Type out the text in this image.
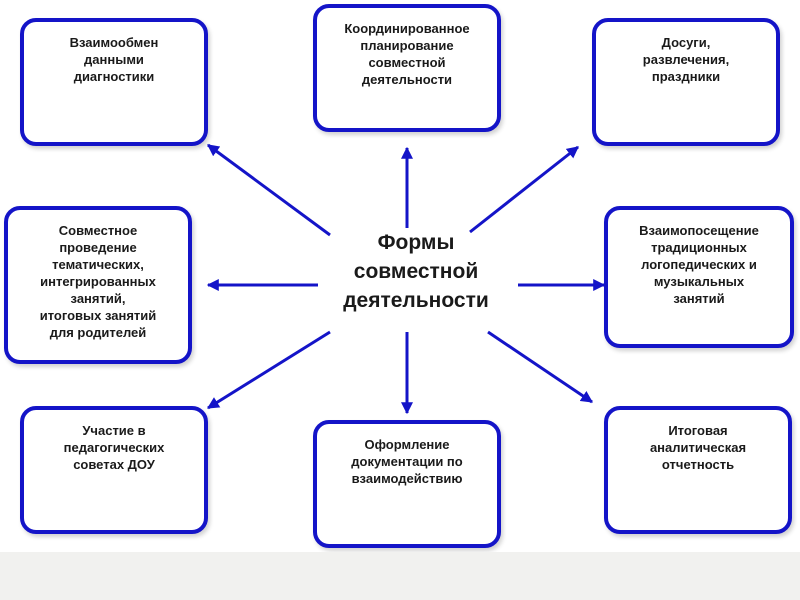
Формы
совместной
деятельности
Взаимообмен
данными
диагностики
Координированное
планирование
совместной
деятельности
Досуги,
развлечения,
праздники
Совместное
проведение
тематических,
интегрированных
занятий,
итоговых занятий
для родителей
Взаимопосещение
традиционных
логопедических и
музыкальных
занятий
Участие в
педагогических
советах ДОУ
Оформление
документации по
взаимодействию
Итоговая
аналитическая
отчетность
